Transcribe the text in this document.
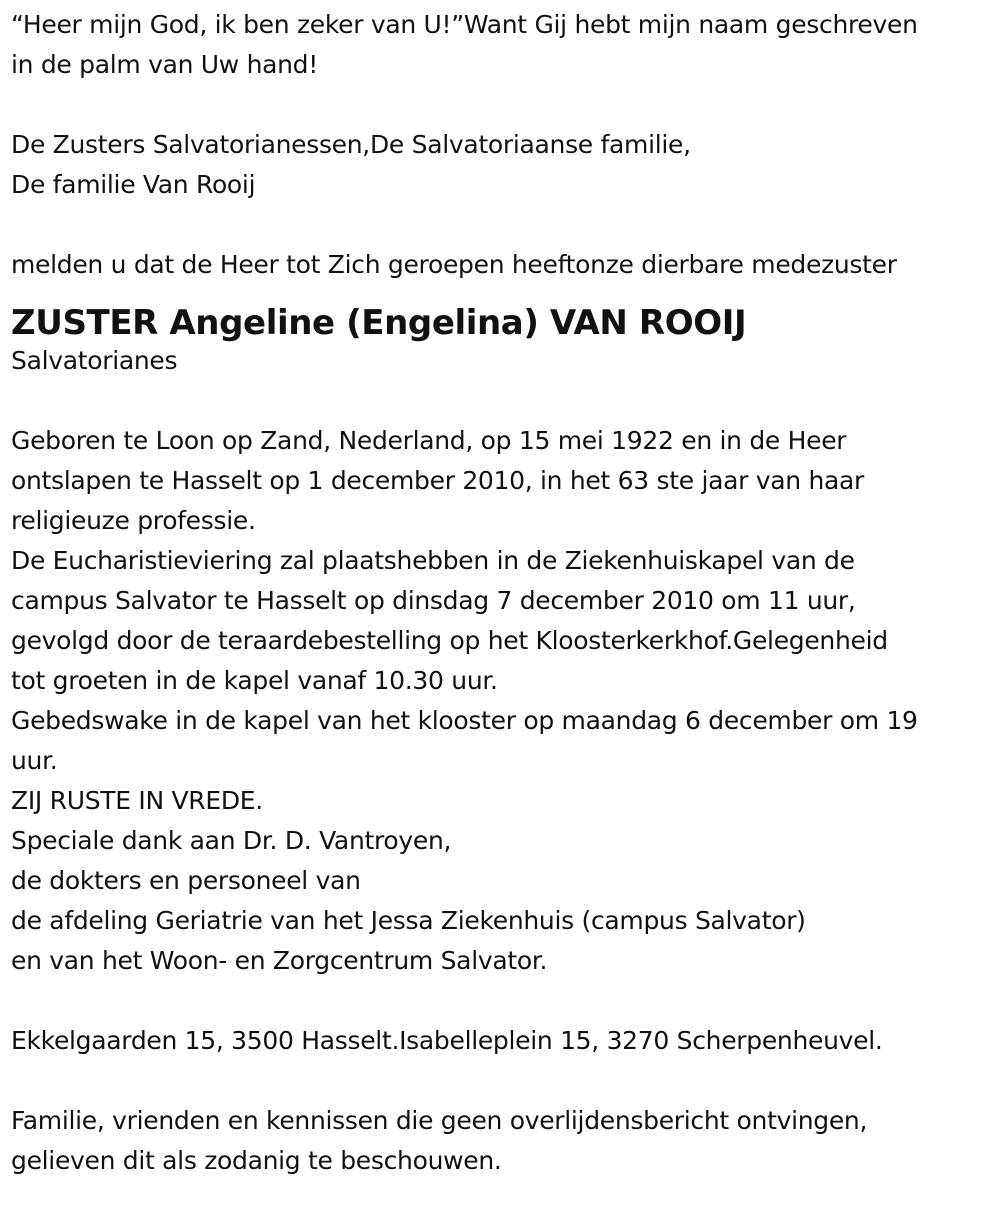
“Heer mijn God, ik ben zeker van U!”Want Gij hebt mijn naam geschreven
in de palm van Uw hand!
De Zusters Salvatorianessen,De Salvatoriaanse familie,
De familie Van Rooij
melden u dat de Heer tot Zich geroepen heeftonze dierbare medezuster
ZUSTER Angeline (Engelina) VAN ROOIJ
Salvatorianes
Geboren te Loon op Zand, Nederland, op 15 mei 1922 en in de Heer
ontslapen te Hasselt op 1 december 2010, in het 63 ste jaar van haar
religieuze professie.
De Eucharistieviering zal plaatshebben in de Ziekenhuiskapel van de
campus Salvator te Hasselt op dinsdag 7 december 2010 om 11 uur,
gevolgd door de teraardebestelling op het Kloosterkerkhof.Gelegenheid
tot groeten in de kapel vanaf 10.30 uur.
Gebedswake in de kapel van het klooster op maandag 6 december om 19
uur.
ZIJ RUSTE IN VREDE.
Speciale dank aan Dr. D. Vantroyen,
de dokters en personeel van
de afdeling Geriatrie van het Jessa Ziekenhuis (campus Salvator)
en van het Woon- en Zorgcentrum Salvator.
Ekkelgaarden 15, 3500 Hasselt.Isabelleplein 15, 3270 Scherpenheuvel.
Familie, vrienden en kennissen die geen overlijdensbericht ontvingen,
gelieven dit als zodanig te beschouwen.
